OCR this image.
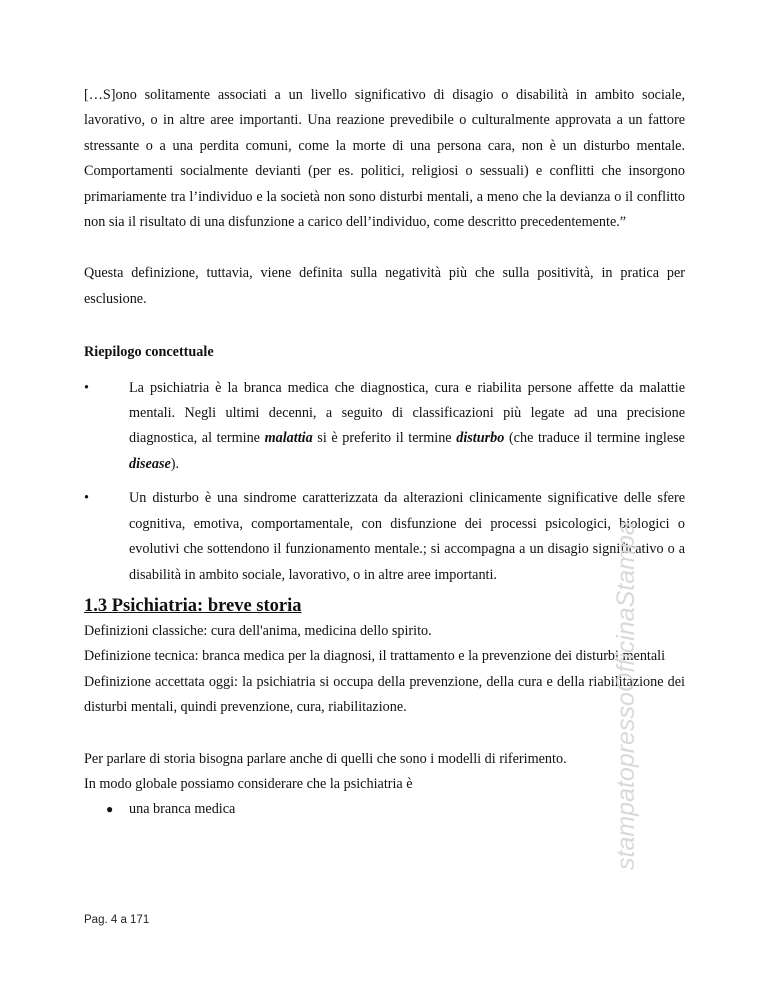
[…S]ono solitamente associati a un livello significativo di disagio o disabilità in ambito sociale, lavorativo, o in altre aree importanti. Una reazione prevedibile o culturalmente approvata a un fattore stressante o a una perdita comuni, come la morte di una persona cara, non è un disturbo mentale. Comportamenti socialmente devianti (per es. politici, religiosi o sessuali) e conflitti che insorgono primariamente tra l’individuo e la società non sono disturbi mentali, a meno che la devianza o il conflitto non sia il risultato di una disfunzione a carico dell’individuo, come descritto precedentemente.”

Questa definizione, tuttavia, viene definita sulla negatività più che sulla positività, in pratica per esclusione.

Riepilogo concettuale
•	La psichiatria è la branca medica che diagnostica, cura e riabilita persone affette da malattie mentali. Negli ultimi decenni, a seguito di classificazioni più legate ad una precisione diagnostica, al termine malattia si è preferito il termine disturbo (che traduce il termine inglese disease).
•	Un disturbo è una sindrome caratterizzata da alterazioni clinicamente significative delle sfere cognitiva, emotiva, comportamentale, con disfunzione dei processi psicologici, biologici o evolutivi che sottendono il funzionamento mentale.; si accompagna a un disagio significativo o a disabilità in ambito sociale, lavorativo, o in altre aree importanti.
1.3 Psichiatria: breve storia

Definizioni classiche: cura dell'anima, medicina dello spirito.

Definizione tecnica: branca medica per la diagnosi, il trattamento e la prevenzione dei disturbi mentali

Definizione accettata oggi: la psichiatria si occupa della prevenzione, della cura e della riabilitazione dei disturbi mentali, quindi prevenzione, cura, riabilitazione.

Per parlare di storia bisogna parlare anche di quelli che sono i modelli di riferimento.

In modo globale possiamo considerare che la psichiatria è

● una branca medica
Pag. 4 a 171
stampatopressoOfficinaStampa
